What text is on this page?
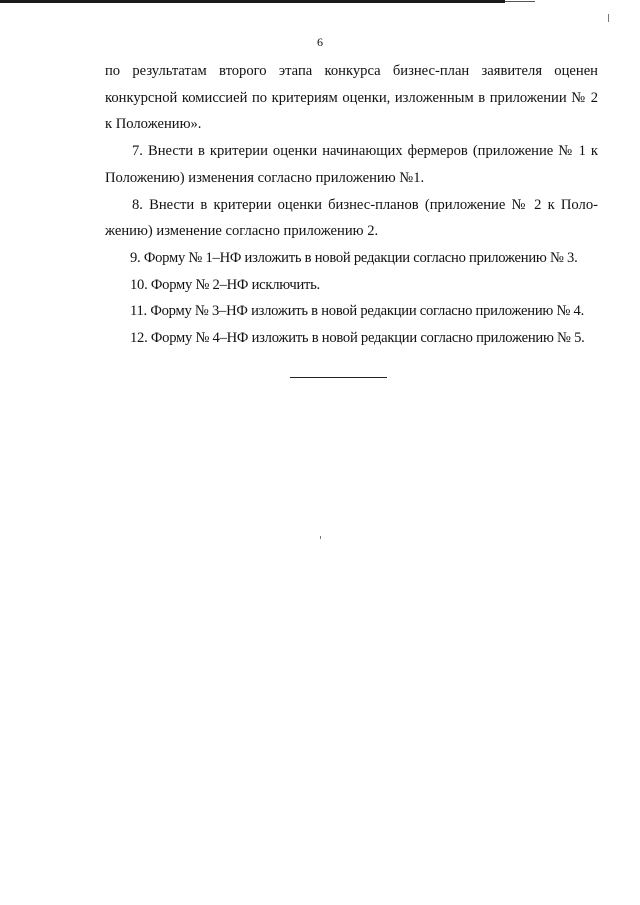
6

по результатам второго этапа конкурса бизнес-план заявителя оценен конкурсной комиссией по критериям оценки, изложенным в приложении № 2 к Положению».

7. Внести в критерии оценки начинающих фермеров (приложение № 1 к Положению) изменения согласно приложению №1.

8. Внести в критерии оценки бизнес-планов (приложение № 2 к Положению) изменение согласно приложению 2.

9. Форму № 1–НФ изложить в новой редакции согласно приложению № 3.

10. Форму № 2–НФ исключить.

11. Форму № 3–НФ изложить в новой редакции согласно приложению № 4.

12. Форму № 4–НФ изложить в новой редакции согласно приложению № 5.
